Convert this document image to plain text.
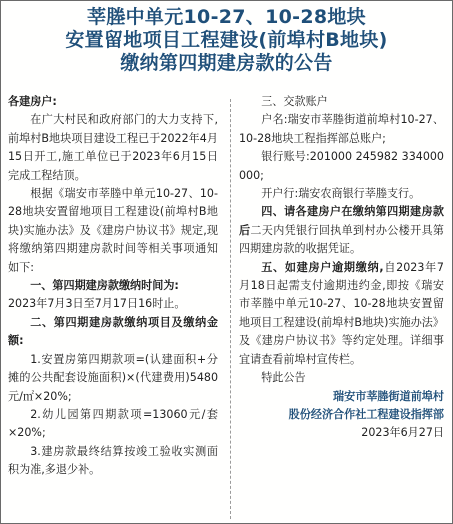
莘塍中单元10-27、10-28地块
安置留地项目工程建设(前埠村B地块)
缴纳第四期建房款的公告

各建房户:

在广大村民和政府部门的大力支持下,前埠村B地块项目建设工程已于2022年4月15日开工,施工单位已于2023年6月15日完成工程结顶。

根据《瑞安市莘塍中单元10-27、10-28地块安置留地项目工程建设(前埠村B地块)实施办法》及《建房户协议书》规定,现将缴纳第四期建房款时间等相关事项通知如下:

一、第四期建房款缴纳时间为:

2023年7月3日至7月17日16时止。

二、第四期建房款缴纳项目及缴纳金额:

1.安置房第四期款项=(认建面积+分摊的公共配套设施面积)×(代建费用)5480元/㎡×20%;

2.幼儿园第四期款项=13060元/套×20%;

3.建房款最终结算按竣工验收实测面积为准,多退少补。

三、交款账户

户名:瑞安市莘塍街道前埠村10-27、10-28地块工程指挥部总账户;

银行账号:201000 245982 334000 000;

开户行:瑞安农商银行莘塍支行。

四、请各建房户在缴纳第四期建房款后二天内凭银行回执单到村办公楼开具第四期建房款的收据凭证。

五、如建房户逾期缴纳,自2023年7月18日起需支付逾期违约金,即按《瑞安市莘塍中单元10-27、10-28地块安置留地项目工程建设(前埠村B地块)实施办法》及《建房户协议书》等约定处理。详细事宜请查看前埠村宣传栏。

特此公告

瑞安市莘塍街道前埠村

股份经济合作社工程建设指挥部

2023年6月27日
